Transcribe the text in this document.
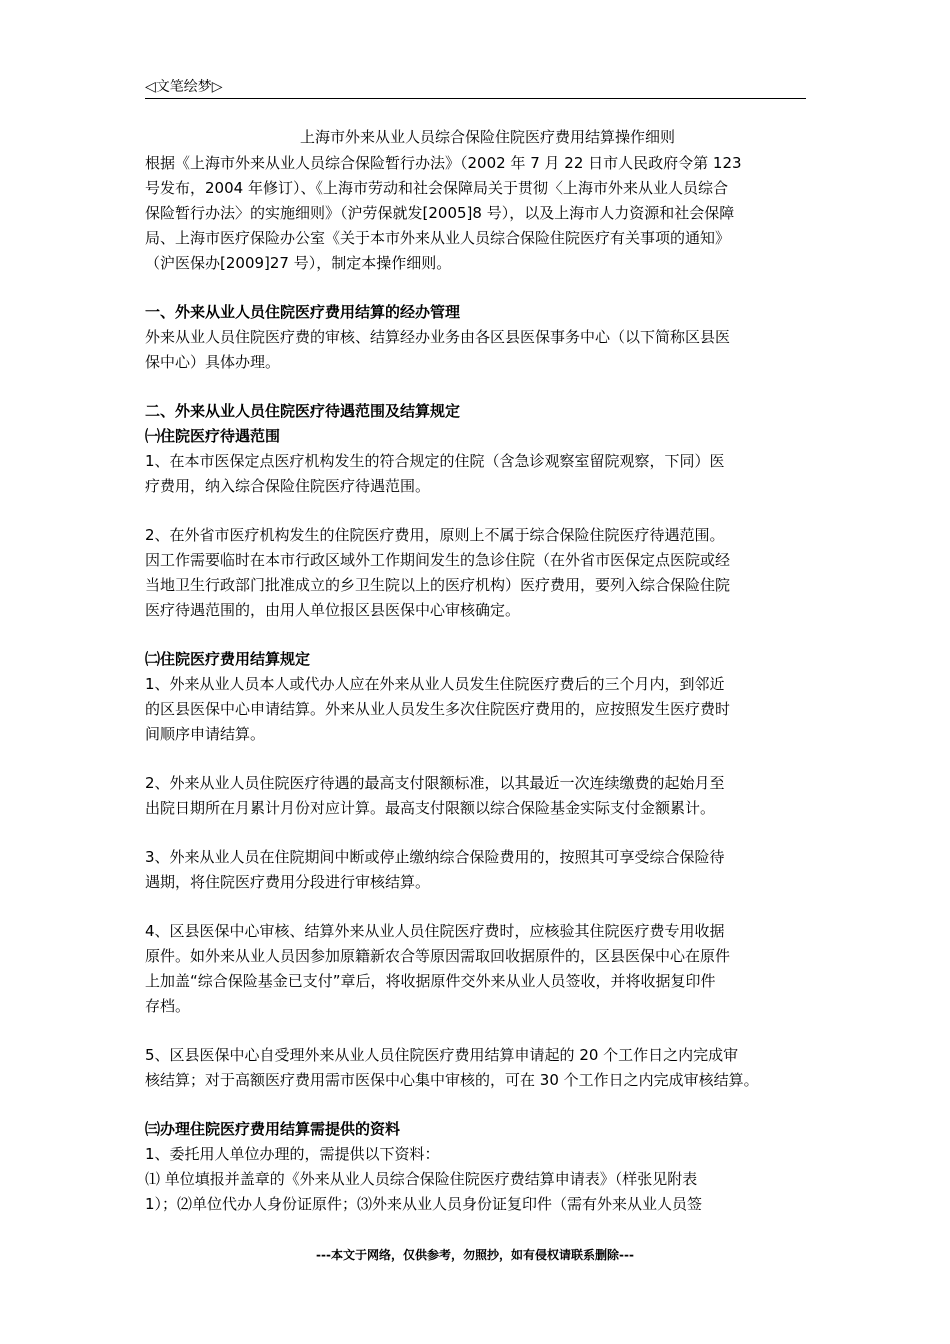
◁文笔绘梦▷
上海市外来从业人员综合保险住院医疗费用结算操作细则
根据《上海市外来从业人员综合保险暂行办法》（2002 年 7 月 22 日市人民政府令第 123
号发布，2004 年修订）、《上海市劳动和社会保障局关于贯彻〈上海市外来从业人员综合
保险暂行办法〉的实施细则》（沪劳保就发[2005]8 号），以及上海市人力资源和社会保障
局、上海市医疗保险办公室《关于本市外来从业人员综合保险住院医疗有关事项的通知》
（沪医保办[2009]27 号），制定本操作细则。
一、外来从业人员住院医疗费用结算的经办管理
外来从业人员住院医疗费的审核、结算经办业务由各区县医保事务中心（以下简称区县医
保中心）具体办理。
二、外来从业人员住院医疗待遇范围及结算规定
㈠住院医疗待遇范围
1、在本市医保定点医疗机构发生的符合规定的住院（含急诊观察室留院观察，下同）医
疗费用，纳入综合保险住院医疗待遇范围。
2、在外省市医疗机构发生的住院医疗费用，原则上不属于综合保险住院医疗待遇范围。
因工作需要临时在本市行政区域外工作期间发生的急诊住院（在外省市医保定点医院或经
当地卫生行政部门批准成立的乡卫生院以上的医疗机构）医疗费用，要列入综合保险住院
医疗待遇范围的，由用人单位报区县医保中心审核确定。
㈡住院医疗费用结算规定
1、外来从业人员本人或代办人应在外来从业人员发生住院医疗费后的三个月内，到邻近
的区县医保中心申请结算。外来从业人员发生多次住院医疗费用的，应按照发生医疗费时
间顺序申请结算。
2、外来从业人员住院医疗待遇的最高支付限额标准，以其最近一次连续缴费的起始月至
出院日期所在月累计月份对应计算。最高支付限额以综合保险基金实际支付金额累计。
3、外来从业人员在住院期间中断或停止缴纳综合保险费用的，按照其可享受综合保险待
遇期，将住院医疗费用分段进行审核结算。
4、区县医保中心审核、结算外来从业人员住院医疗费时，应核验其住院医疗费专用收据
原件。如外来从业人员因参加原籍新农合等原因需取回收据原件的，区县医保中心在原件
上加盖“综合保险基金已支付”章后，将收据原件交外来从业人员签收，并将收据复印件
存档。
5、区县医保中心自受理外来从业人员住院医疗费用结算申请起的 20 个工作日之内完成审
核结算；对于高额医疗费用需市医保中心集中审核的，可在 30 个工作日之内完成审核结算。
㈢办理住院医疗费用结算需提供的资料
1、委托用人单位办理的，需提供以下资料：
⑴ 单位填报并盖章的《外来从业人员综合保险住院医疗费结算申请表》（样张见附表
1）；⑵单位代办人身份证原件；⑶外来从业人员身份证复印件（需有外来从业人员签
---本文于网络，仅供参考，勿照抄，如有侵权请联系删除---
